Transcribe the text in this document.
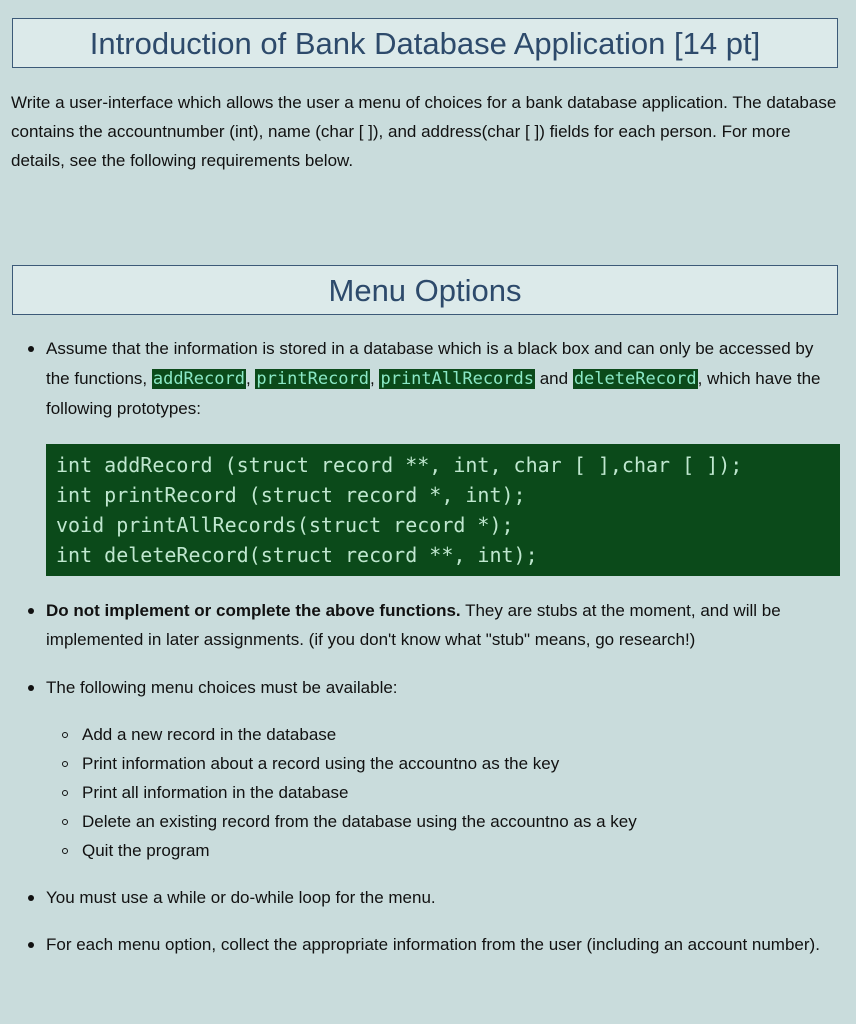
Introduction of Bank Database Application [14 pt]

Write a user-interface which allows the user a menu of choices for a bank database application. The database contains the accountnumber (int), name (char [ ]), and address(char [ ]) fields for each person. For more details, see the following requirements below.

Menu Options
Assume that the information is stored in a database which is a black box and can only be accessed by the functions, addRecord, printRecord, printAllRecords and deleteRecord, which have the following prototypes:
int addRecord (struct record **, int, char [ ],char [ ]);
int printRecord (struct record *, int);
void printAllRecords(struct record *);
int deleteRecord(struct record **, int);
Do not implement or complete the above functions. They are stubs at the moment, and will be implemented in later assignments. (if you don't know what "stub" means, go research!)
The following menu choices must be available:
Add a new record in the database
Print information about a record using the accountno as the key
Print all information in the database
Delete an existing record from the database using the accountno as a key
Quit the program
You must use a while or do-while loop for the menu.
For each menu option, collect the appropriate information from the user (including an account number).
